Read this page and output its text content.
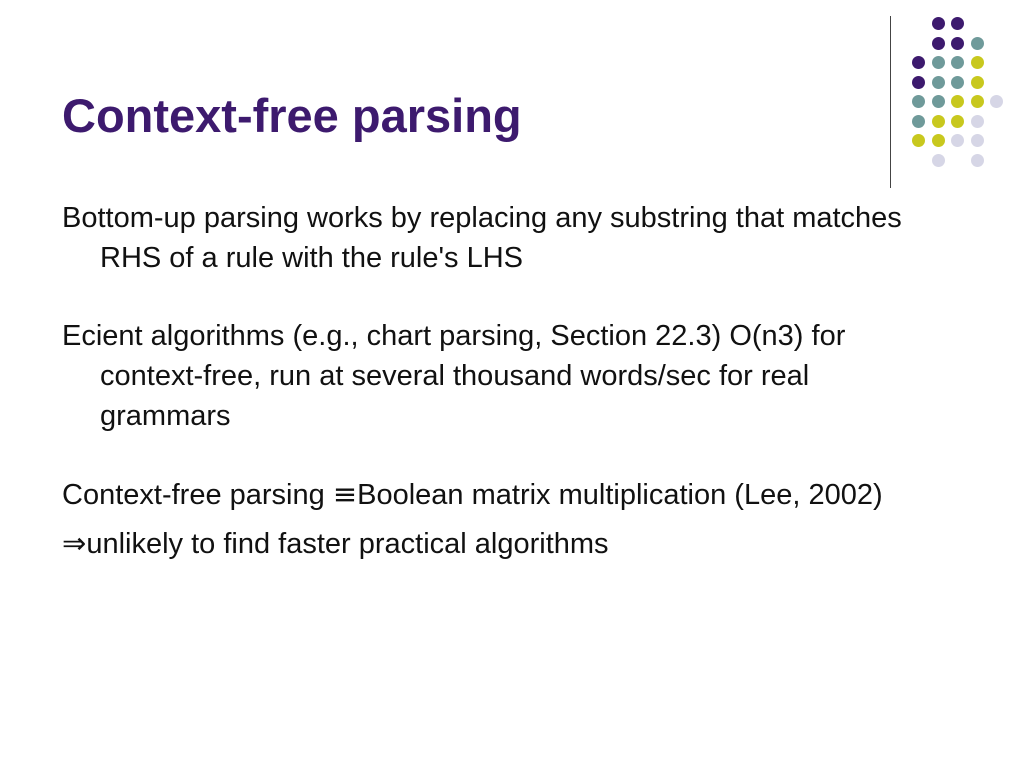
Context-free parsing

Bottom-up parsing works by replacing any substring that matches RHS of a rule with the rule's LHS

Ecient algorithms (e.g., chart parsing, Section 22.3) O(n3) for context-free, run at several thousand words/sec for real grammars

Context-free parsing ≡Boolean matrix multiplication (Lee, 2002)

⇒unlikely to find faster practical algorithms
